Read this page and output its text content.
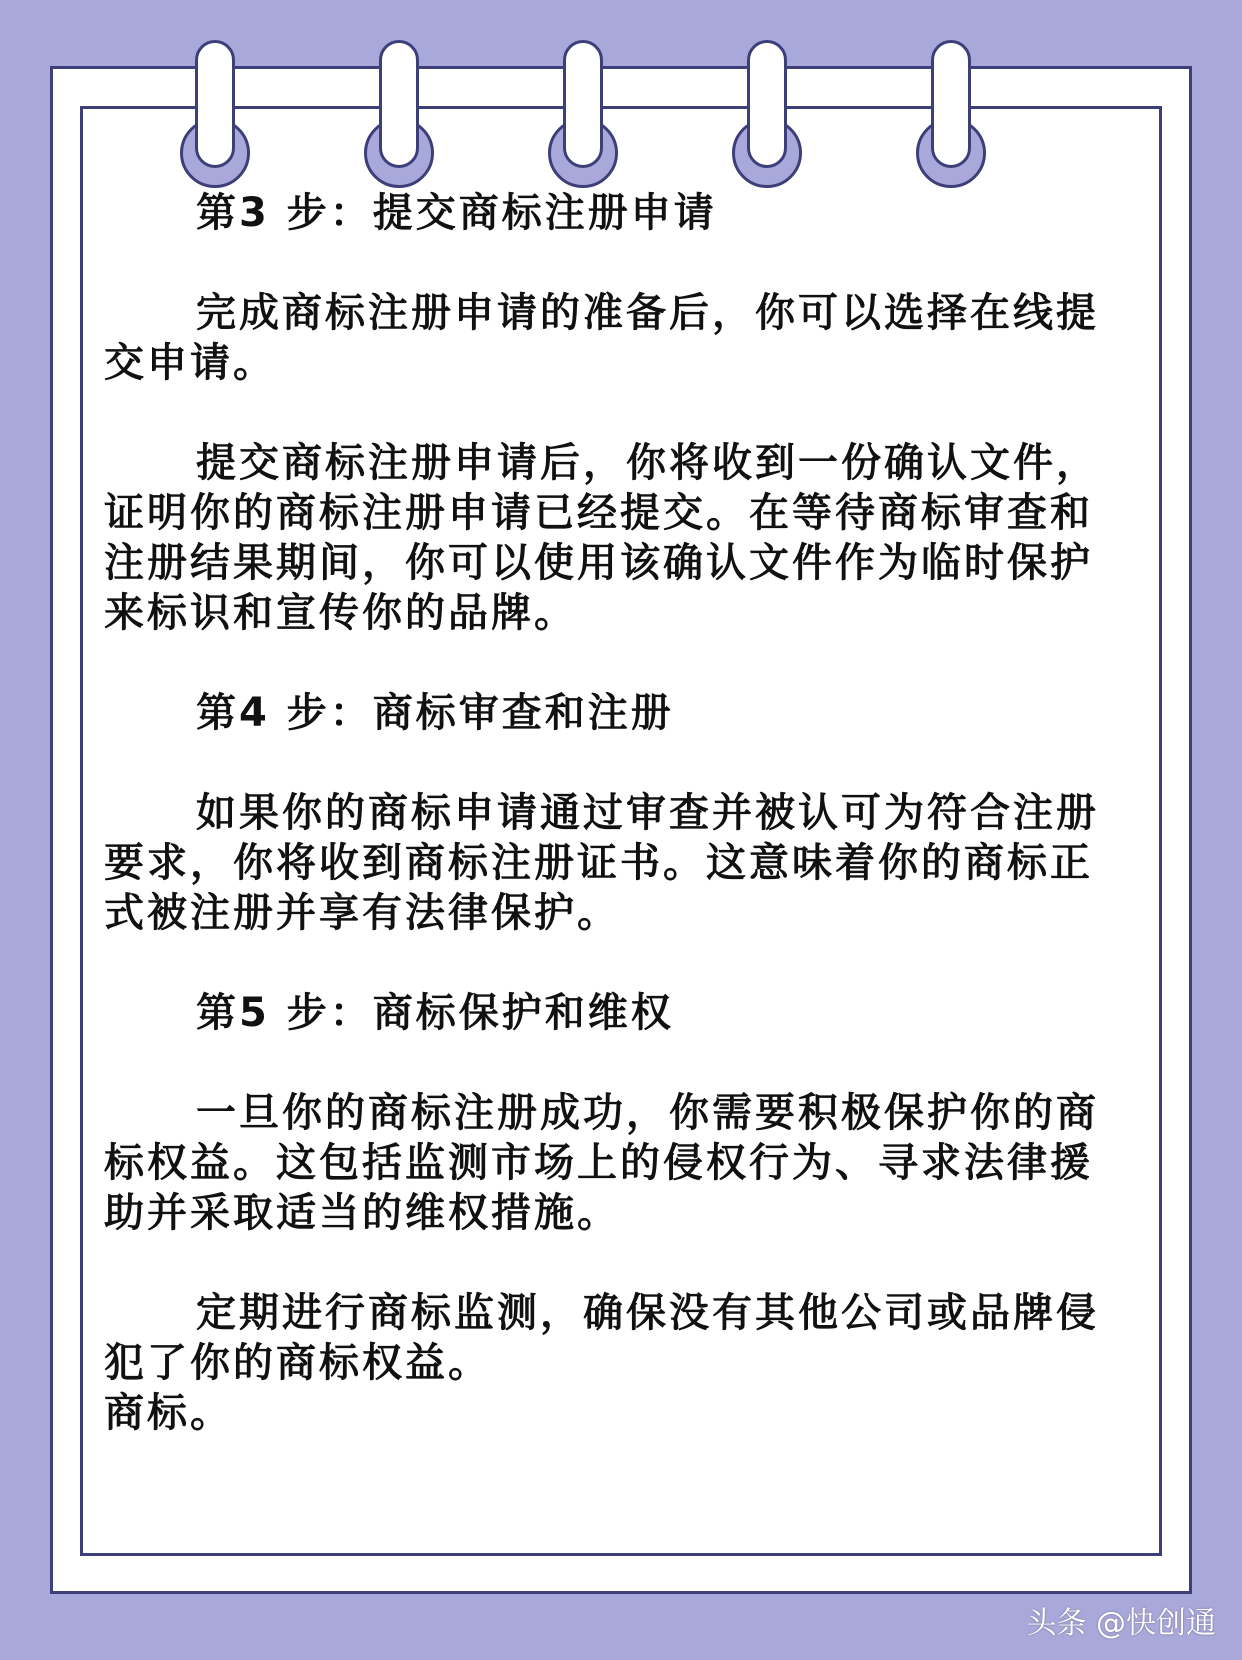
第3 步：提交商标注册申请

完成商标注册申请的准备后，你可以选择在线提交申请。

提交商标注册申请后，你将收到一份确认文件，证明你的商标注册申请已经提交。在等待商标审查和注册结果期间，你可以使用该确认文件作为临时保护来标识和宣传你的品牌。

第4 步：商标审查和注册

如果你的商标申请通过审查并被认可为符合注册要求，你将收到商标注册证书。这意味着你的商标正式被注册并享有法律保护。

第5 步：商标保护和维权

一旦你的商标注册成功，你需要积极保护你的商标权益。这包括监测市场上的侵权行为、寻求法律援助并采取适当的维权措施。

定期进行商标监测，确保没有其他公司或品牌侵犯了你的商标权益。

商标。

头条 @快创通
